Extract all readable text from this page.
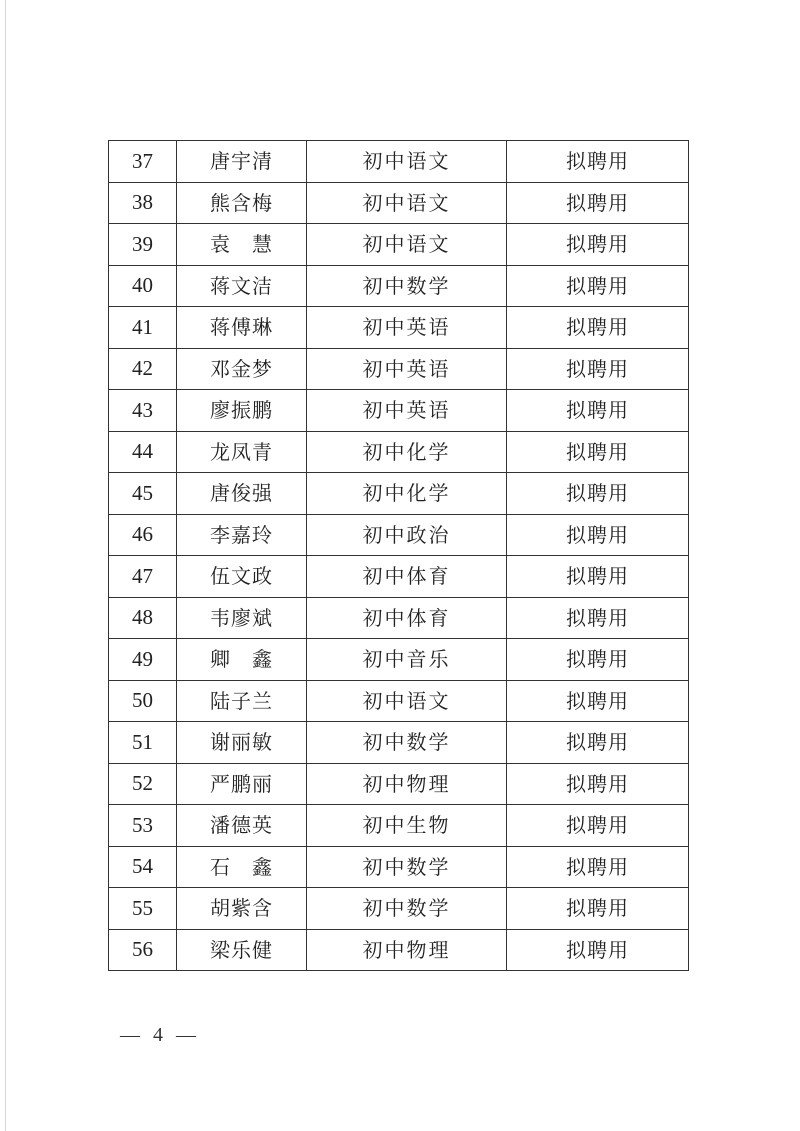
37	唐宇清	初中语文	拟聘用
38	熊含梅	初中语文	拟聘用
39	袁　慧	初中语文	拟聘用
40	蒋文洁	初中数学	拟聘用
41	蒋傅琳	初中英语	拟聘用
42	邓金梦	初中英语	拟聘用
43	廖振鹏	初中英语	拟聘用
44	龙凤青	初中化学	拟聘用
45	唐俊强	初中化学	拟聘用
46	李嘉玲	初中政治	拟聘用
47	伍文政	初中体育	拟聘用
48	韦廖斌	初中体育	拟聘用
49	卿　鑫	初中音乐	拟聘用
50	陆子兰	初中语文	拟聘用
51	谢丽敏	初中数学	拟聘用
52	严鹏丽	初中物理	拟聘用
53	潘德英	初中生物	拟聘用
54	石　鑫	初中数学	拟聘用
55	胡紫含	初中数学	拟聘用
56	梁乐健	初中物理	拟聘用
— 4 —
